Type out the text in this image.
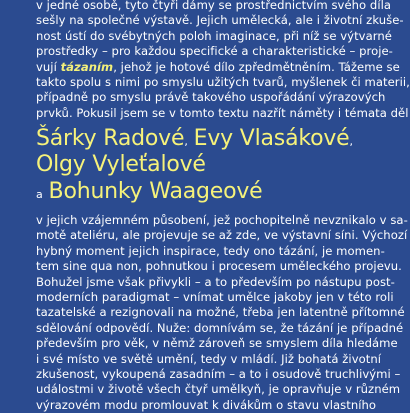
v jedné osobě, tyto čtyři dámy se prostřednictvím svého díla
sešly na společné výstavě. Jejich umělecká, ale i životní zkuše-
nost ústí do svébytných poloh imaginace, při níž se výtvarné
prostředky – pro každou specifické a charakteristické – proje-
vují tázaním, jehož je hotové dílo zpředmětněním. Tážeme se
takto spolu s nimi po smyslu užitých tvarů, myšlenek či materii,
případně po smyslu právě takového uspořádání výrazových
prvků. Pokusil jsem se v tomto textu nazřít náměty i témata děl
Šárky Radové, Evy Vlasákové,
Olgy Vyleťalové
a Bohunky Waageové
v jejich vzájemném působení, jež pochopitelně nevznikalo v sa-
motě ateliéru, ale projevuje se až zde, ve výstavní síni. Výchozí
hybný moment jejich inspirace, tedy ono tázání, je momen-
tem sine qua non, pohnutkou i procesem uměleckého projevu.
Bohužel jsme však přivykli – a to především po nástupu post-
moderních paradigmat – vnímat umělce jakoby jen v této roli
tazatelské a rezignovali na možné, třeba jen latentně přítomné
sdělování odpovědí. Nuže: domnívám se, že tázání je případné
především pro věk, v němž zároveň se smyslem díla hledáme
i své místo ve světě umění, tedy v mládí. Již bohatá životní
zkušenost, vykoupená zasadním – a to i osudově truchlivými –
událostmi v životě všech čtyř umělkyň, je opravňuje v různém
výrazovém modu promlouvat k divákům o stavu vlastního
